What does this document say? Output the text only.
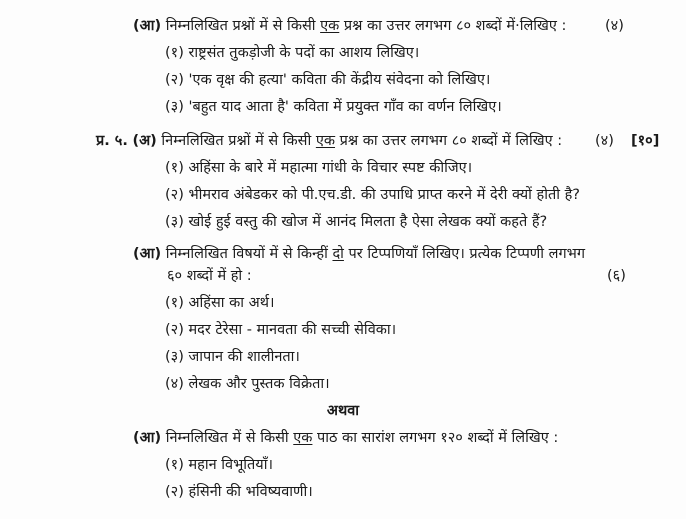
(आ) निम्नलिखित प्रश्नों में से किसी एक प्रश्न का उत्तर लगभग ८० शब्दों में·लिखिए :	(४)
(१) राष्ट्रसंत तुकड़ोजी के पदों का आशय लिखिए।
(२) 'एक वृक्ष की हत्या' कविता की केंद्रीय संवेदना को लिखिए।
(३) 'बहुत याद आता है' कविता में प्रयुक्त गाँव का वर्णन लिखिए।
प्र. ५. (अ) निम्नलिखित प्रश्नों में से किसी एक प्रश्न का उत्तर लगभग ८० शब्दों में लिखिए : (४) [१०]
(१) अहिंसा के बारे में महात्मा गांधी के विचार स्पष्ट कीजिए।
(२) भीमराव अंबेडकर को पी.एच.डी. की उपाधि प्राप्त करने में देरी क्यों होती है?
(३) खोई हुई वस्तु की खोज में आनंद मिलता है ऐसा लेखक क्यों कहते हैं?
(आ) निम्नलिखित विषयों में से किन्हीं दो पर टिप्पणियाँ लिखिए। प्रत्येक टिप्पणी लगभग
६० शब्दों में हो :	(६)
(१) अहिंसा का अर्थ।
(२) मदर टेरेसा - मानवता की सच्ची सेविका।
(३) जापान की शालीनता।
(४) लेखक और पुस्तक विक्रेता।
अथवा
(आ) निम्नलिखित में से किसी एक पाठ का सारांश लगभग १२० शब्दों में लिखिए :
(१) महान विभूतियाँ।
(२) हंसिनी की भविष्यवाणी।
